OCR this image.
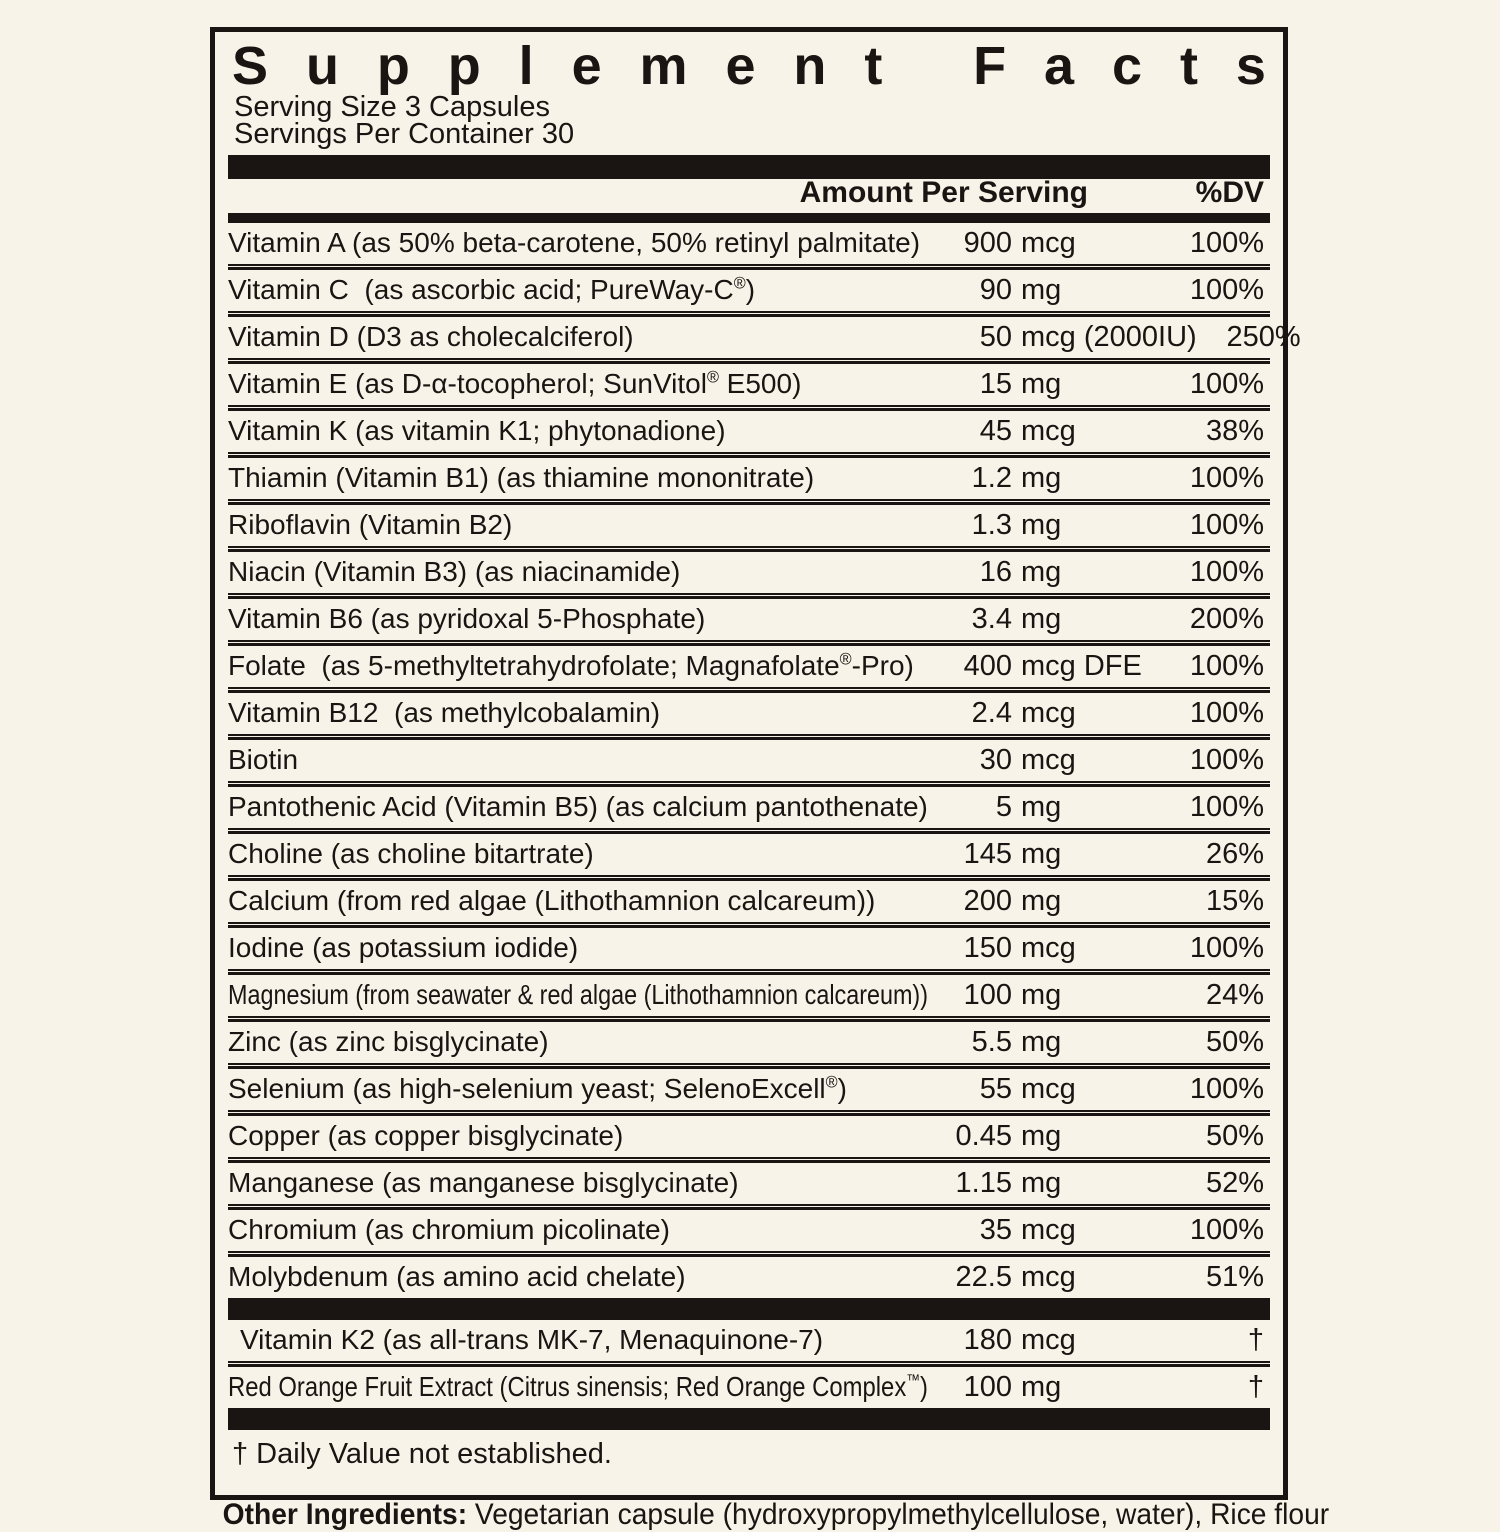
S u p p l e m e n t
F a c t s
Serving Size 3 Capsules
Servings Per Container 30
Amount Per Serving	%DV
Vitamin A (as 50% beta-carotene, 50% retinyl palmitate)	900 mcg	100%
Vitamin C  (as ascorbic acid; PureWay-C®)	90 mg	100%
Vitamin D (D3 as cholecalciferol)	50 mcg (2000IU)	250%
Vitamin E (as D-α-tocopherol; SunVitol® E500)	15 mg	100%
Vitamin K (as vitamin K1; phytonadione)	45 mcg	38%
Thiamin (Vitamin B1) (as thiamine mononitrate)	1.2 mg	100%
Riboflavin (Vitamin B2)	1.3 mg	100%
Niacin (Vitamin B3) (as niacinamide)	16 mg	100%
Vitamin B6 (as pyridoxal 5-Phosphate)	3.4 mg	200%
Folate  (as 5-methyltetrahydrofolate; Magnafolate®-Pro)	400 mcg DFE	100%
Vitamin B12  (as methylcobalamin)	2.4 mcg	100%
Biotin	30 mcg	100%
Pantothenic Acid (Vitamin B5) (as calcium pantothenate)	5 mg	100%
Choline (as choline bitartrate)	145 mg	26%
Calcium (from red algae (Lithothamnion calcareum))	200 mg	15%
Iodine (as potassium iodide)	150 mcg	100%
Magnesium (from seawater & red algae (Lithothamnion calcareum))	100 mg	24%
Zinc (as zinc bisglycinate)	5.5 mg	50%
Selenium (as high-selenium yeast; SelenoExcell®)	55 mcg	100%
Copper (as copper bisglycinate)	0.45 mg	50%
Manganese (as manganese bisglycinate)	1.15 mg	52%
Chromium (as chromium picolinate)	35 mcg	100%
Molybdenum (as amino acid chelate)	22.5 mcg	51%
Vitamin K2 (as all-trans MK-7, Menaquinone-7)	180 mcg	†
Red Orange Fruit Extract (Citrus sinensis; Red Orange Complex™)	100 mg	†
† Daily Value not established.

Other Ingredients: Vegetarian capsule (hydroxypropylmethylcellulose, water), Rice flour
